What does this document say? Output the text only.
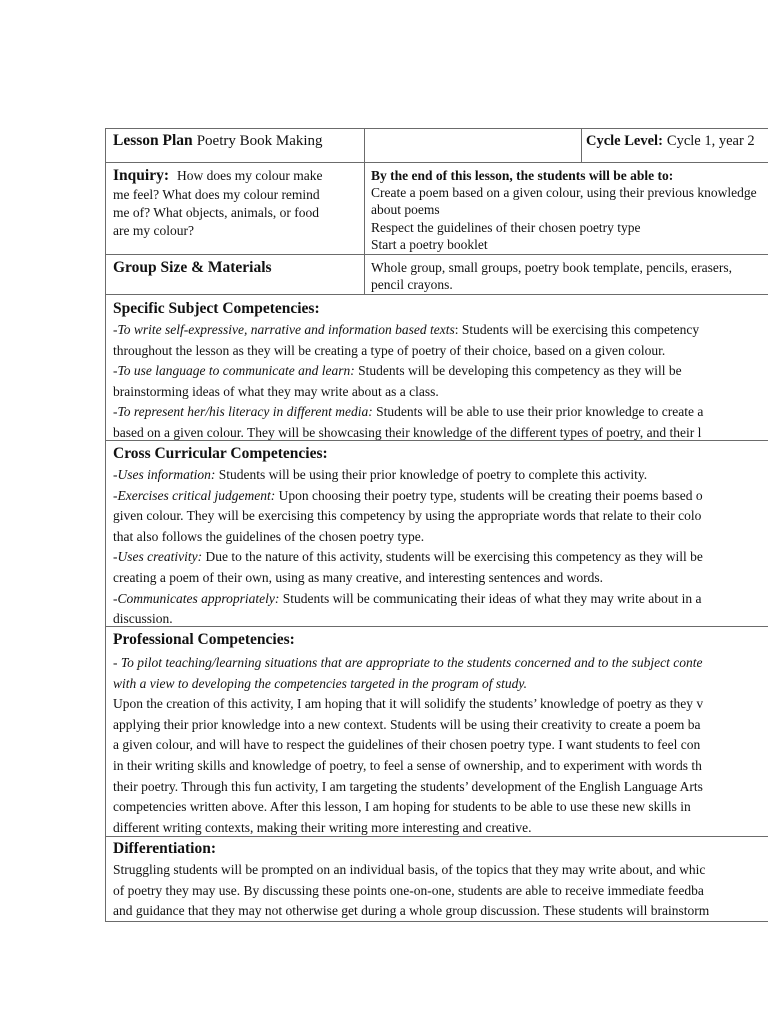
Lesson Plan Poetry Book Making	Cycle Level: Cycle 1, year 2
Inquiry: How does my colour make
me feel? What does my colour remind
me of? What objects, animals, or food
are my colour?
By the end of this lesson, the students will be able to:
Create a poem based on a given colour, using their previous knowledge
about poems
Respect the guidelines of their chosen poetry type
Start a poetry booklet
Group Size & Materials	Whole group, small groups, poetry book template, pencils, erasers,
pencil crayons.
Specific Subject Competencies:

-To write self-expressive, narrative and information based texts: Students will be exercising this competency

throughout the lesson as they will be creating a type of poetry of their choice, based on a given colour.

-To use language to communicate and learn: Students will be developing this competency as they will be

brainstorming ideas of what they may write about as a class.

-To represent her/his literacy in different media: Students will be able to use their prior knowledge to create a

based on a given colour. They will be showcasing their knowledge of the different types of poetry, and their l

Cross Curricular Competencies:

-Uses information: Students will be using their prior knowledge of poetry to complete this activity.

-Exercises critical judgement: Upon choosing their poetry type, students will be creating their poems based o

given colour. They will be exercising this competency by using the appropriate words that relate to their colo

that also follows the guidelines of the chosen poetry type.

-Uses creativity: Due to the nature of this activity, students will be exercising this competency as they will be

creating a poem of their own, using as many creative, and interesting sentences and words.

-Communicates appropriately: Students will be communicating their ideas of what they may write about in a

discussion.

Professional Competencies:

- To pilot teaching/learning situations that are appropriate to the students concerned and to the subject conte

with a view to developing the competencies targeted in the program of study.

Upon the creation of this activity, I am hoping that it will solidify the students’ knowledge of poetry as they v

applying their prior knowledge into a new context. Students will be using their creativity to create a poem ba

a given colour, and will have to respect the guidelines of their chosen poetry type. I want students to feel con

in their writing skills and knowledge of poetry, to feel a sense of ownership, and to experiment with words th

their poetry. Through this fun activity, I am targeting the students’ development of the English Language Arts

competencies written above. After this lesson, I am hoping for students to be able to use these new skills in

different writing contexts, making their writing more interesting and creative.

Differentiation:

Struggling students will be prompted on an individual basis, of the topics that they may write about, and whic

of poetry they may use. By discussing these points one-on-one, students are able to receive immediate feedba

and guidance that they may not otherwise get during a whole group discussion. These students will brainstorm
